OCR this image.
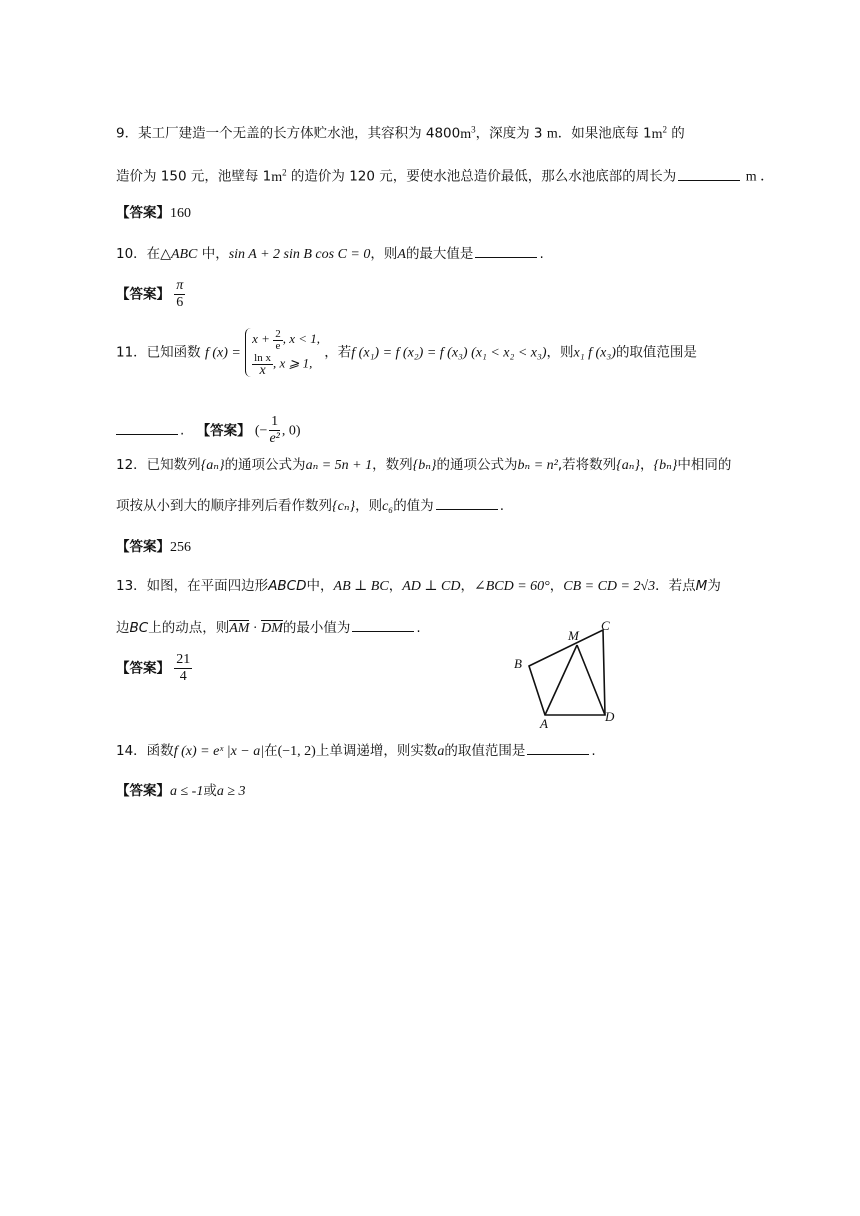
9．某工厂建造一个无盖的长方体贮水池，其容积为 $4800m^3$，深度为 3 m．如果池底每 $1m^2$ 的
造价为 150 元，池壁每 $1m^2$ 的造价为 120 元，要使水池总造价最低，那么水池底部的周长为	m ．
【答案】160
10．在△ABC 中，sin A + 2 sin B cos C = 0，则A的最大值是	.
【答案】 $\frac{\pi}{6}$
11．已知函数 f (x) =
$x + \frac{2}{e}$ , x < 1,
$\frac{\text{ln x}}{x}$ , x ⩾ 1,
，若f (x₁) = f (x₂) = f (x₃) (x₁ < x₂ < x₃)，则x₁ f (x₃)的取值范围是
. 【答案】 (− $\frac{1}{\text{e²}}$ , 0)
12．已知数列{aₙ}的通项公式为aₙ = 5n + 1，数列{bₙ}的通项公式为bₙ = n²,若将数列{aₙ}，{bₙ}中相同的
项按从小到大的顺序排列后看作数列{cₙ}，则c₆的值为	.
【答案】256
13．如图，在平面四边形ABCD中，AB ⊥ BC，AD ⊥ CD，∠BCD = 60°，CB = CD = 2√3．若点M为
边BC上的动点，则AM · DM的最小值为	.
【答案】 $\frac{21}{4}$	B
C
M
A	D
14．函数f (x) = eˣ |x − a|在(−1, 2)上单调递增，则实数a的取值范围是	.
【答案】a ≤ -1或a ≥ 3
